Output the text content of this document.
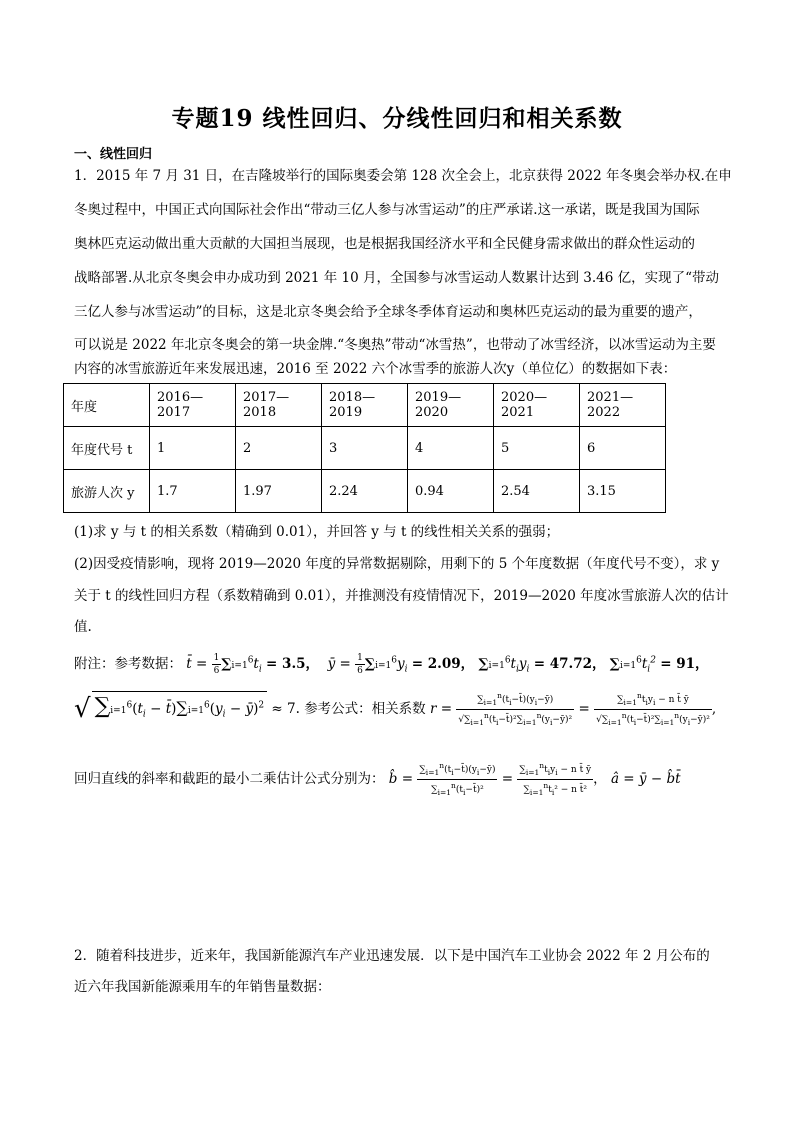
专题19 线性回归、分线性回归和相关系数
一、线性回归
1．2015 年 7 月 31 日，在吉隆坡举行的国际奥委会第 128 次全会上，北京获得 2022 年冬奥会举办权.在申
冬奥过程中，中国正式向国际社会作出“带动三亿人参与冰雪运动”的庄严承诺.这一承诺，既是我国为国际
奥林匹克运动做出重大贡献的大国担当展现，也是根据我国经济水平和全民健身需求做出的群众性运动的
战略部署.从北京冬奥会申办成功到 2021 年 10 月，全国参与冰雪运动人数累计达到 3.46 亿，实现了“带动
三亿人参与冰雪运动”的目标，这是北京冬奥会给予全球冬季体育运动和奥林匹克运动的最为重要的遗产，
可以说是 2022 年北京冬奥会的第一块金牌.“冬奥热”带动“冰雪热”，也带动了冰雪经济，以冰雪运动为主要
内容的冰雪旅游近年来发展迅速，2016 至 2022 六个冰雪季的旅游人次y（单位亿）的数据如下表：
年度	2016—2017	2017—2018	2018—2019	2019—2020	2020—2021	2021—2022
年度代号 t	1	2	3	4	5	6
旅游人次 y	1.7	1.97	2.24	0.94	2.54	3.15
(1)求 y 与 t 的相关系数（精确到 0.01），并回答 y 与 t 的线性相关关系的强弱；
(2)因受疫情影响，现将 2019—2020 年度的异常数据剔除，用剩下的 5 个年度数据（年度代号不变），求 y
关于 t 的线性回归方程（系数精确到 0.01），并推测没有疫情情况下，2019—2020 年度冰雪旅游人次的估计
值.
附注：参考数据： t̄ = $\frac{1}{6} \sum i=1^6t_i = 3.5$，  ȳ = $\frac{1}{6} \sum i=1^6y_i = 2.09$， $\sum i=1^6t_iy_i = 47.72$， $\sum i=1^6t_i^2 = 91$，
√ $\sum i=1^6(t_i$ − $t̄)\sum i=1^6(y_i$ − ȳ)$^2$ ≈ 7. 参考公式：相关系数 $r = \frac{\sum_{i=1}^n(t_i-t̄)(y_i-ȳ)}{√\sum_{i=1}^n(t_i-t̄)^2\sum_{i=1}^n(y_i-ȳ)^2} = \frac{\sum_{i=1}^nt_iy_i - n t̄ ȳ}{√\sum_{i=1}^n(t_i-t̄)^2\sum_{i=1}^n(y_i-ȳ)^2}$ ,
回归直线的斜率和截距的最小二乘估计公式分别为： b̂ = $\frac{\sum_{i=1}^n(t_i-t̄)(y_i-ȳ)}{\sum_{i=1}^n(t_i-t̄)^2} = \frac{\sum_{i=1}^nt_iy_i - n t̄ ȳ}{\sum_{i=1}^nt_i^2 - n t̄^2}$ ， â = ȳ − b̂t̄
2．随着科技进步，近来年，我国新能源汽车产业迅速发展．以下是中国汽车工业协会 2022 年 2 月公布的
近六年我国新能源乘用车的年销售量数据：
